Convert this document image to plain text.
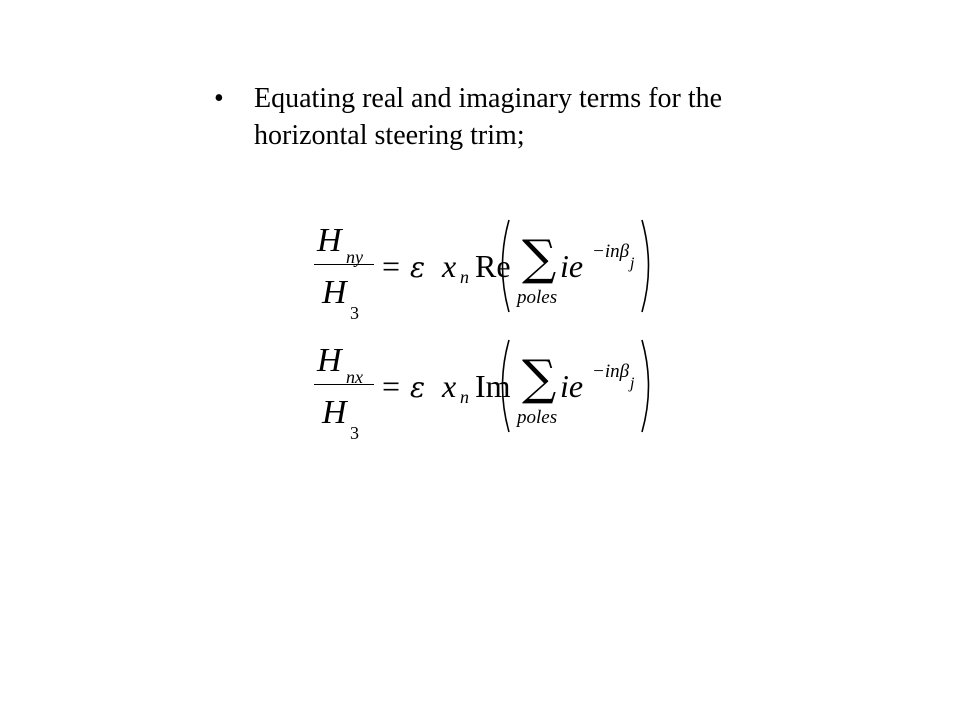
• Equating real and imaginary terms for the horizontal steering trim;
H ny
H
3
= ε x n Re ∑
poles
ie −inβ
j
H nx
H
3
= ε x n Im ∑
poles
ie −inβ
j
